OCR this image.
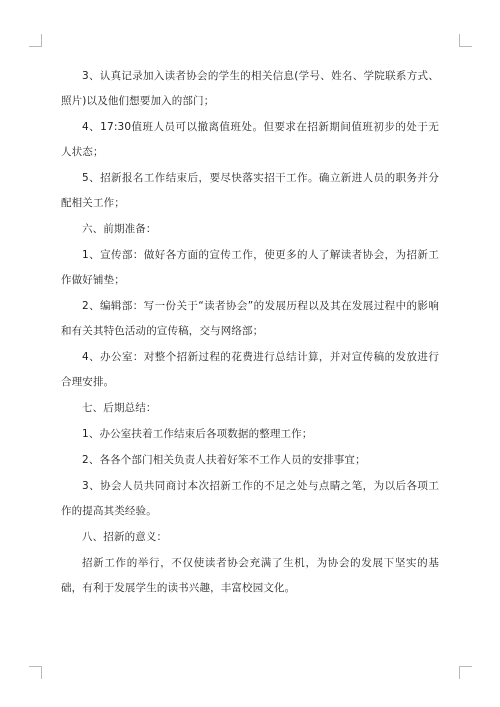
3、认真记录加入读者协会的学生的相关信息(学号、姓名、学院联系方式、照片)以及他们想要加入的部门；

4、17:30值班人员可以撤离值班处。但要求在招新期间值班初步的处于无人状态；

5、招新报名工作结束后，要尽快落实招干工作。确立新进人员的职务并分配相关工作；

六、前期准备：

1、宣传部：做好各方面的宣传工作，使更多的人了解读者协会，为招新工作做好铺垫；

2、编辑部：写一份关于“读者协会”的发展历程以及其在发展过程中的影响和有关其特色活动的宣传稿，交与网络部；

4、办公室：对整个招新过程的花费进行总结计算，并对宣传稿的发放进行合理安排。

七、后期总结：

1、办公室扶着工作结束后各项数据的整理工作；

2、各各个部门相关负责人扶着好笨不工作人员的安排事宜；

3、协会人员共同商讨本次招新工作的不足之处与点睛之笔，为以后各项工作的提高其类经验。

八、招新的意义：

招新工作的举行，不仅使读者协会充满了生机，为协会的发展下坚实的基础，有利于发展学生的读书兴趣，丰富校园文化。
